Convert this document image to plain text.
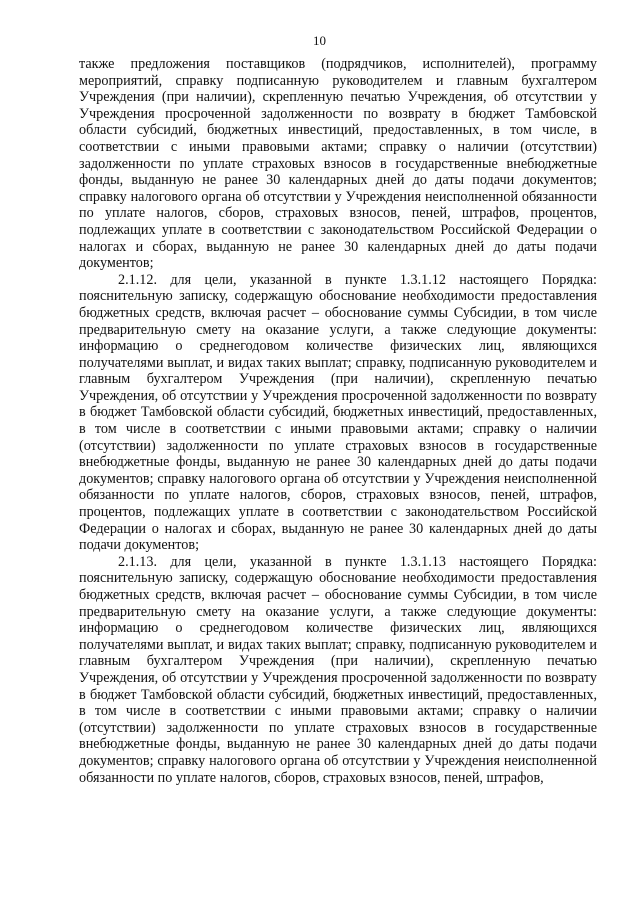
10

также предложения поставщиков (подрядчиков, исполнителей), программу мероприятий, справку подписанную руководителем и главным бухгалтером Учреждения (при наличии), скрепленную печатью Учреждения, об отсутствии у Учреждения просроченной задолженности по возврату в бюджет Тамбовской области субсидий, бюджетных инвестиций, предоставленных, в том числе, в соответствии с иными правовыми актами; справку о наличии (отсутствии) задолженности по уплате страховых взносов в государственные внебюджетные фонды, выданную не ранее 30 календарных дней до даты подачи документов; справку налогового органа об отсутствии у Учреждения неисполненной обязанности по уплате налогов, сборов, страховых взносов, пеней, штрафов, процентов, подлежащих уплате в соответствии с законодательством Российской Федерации о налогах и сборах, выданную не ранее 30 календарных дней до даты подачи документов;

2.1.12. для цели, указанной в пункте 1.3.1.12 настоящего Порядка: пояснительную записку, содержащую обоснование необходимости предоставления бюджетных средств, включая расчет – обоснование суммы Субсидии, в том числе предварительную смету на оказание услуги, а также следующие документы: информацию о среднегодовом количестве физических лиц, являющихся получателями выплат, и видах таких выплат; справку, подписанную руководителем и главным бухгалтером Учреждения (при наличии), скрепленную печатью Учреждения, об отсутствии у Учреждения просроченной задолженности по возврату в бюджет Тамбовской области субсидий, бюджетных инвестиций, предоставленных, в том числе в соответствии с иными правовыми актами; справку о наличии (отсутствии) задолженности по уплате страховых взносов в государственные внебюджетные фонды, выданную не ранее 30 календарных дней до даты подачи документов; справку налогового органа об отсутствии у Учреждения неисполненной обязанности по уплате налогов, сборов, страховых взносов, пеней, штрафов, процентов, подлежащих уплате в соответствии с законодательством Российской Федерации о налогах и сборах, выданную не ранее 30 календарных дней до даты подачи документов;

2.1.13. для цели, указанной в пункте 1.3.1.13 настоящего Порядка: пояснительную записку, содержащую обоснование необходимости предоставления бюджетных средств, включая расчет – обоснование суммы Субсидии, в том числе предварительную смету на оказание услуги, а также следующие документы: информацию о среднегодовом количестве физических лиц, являющихся получателями выплат, и видах таких выплат; справку, подписанную руководителем и главным бухгалтером Учреждения (при наличии), скрепленную печатью Учреждения, об отсутствии у Учреждения просроченной задолженности по возврату в бюджет Тамбовской области субсидий, бюджетных инвестиций, предоставленных, в том числе в соответствии с иными правовыми актами; справку о наличии (отсутствии) задолженности по уплате страховых взносов в государственные внебюджетные фонды, выданную не ранее 30 календарных дней до даты подачи документов; справку налогового органа об отсутствии у Учреждения неисполненной обязанности по уплате налогов, сборов, страховых взносов, пеней, штрафов,
